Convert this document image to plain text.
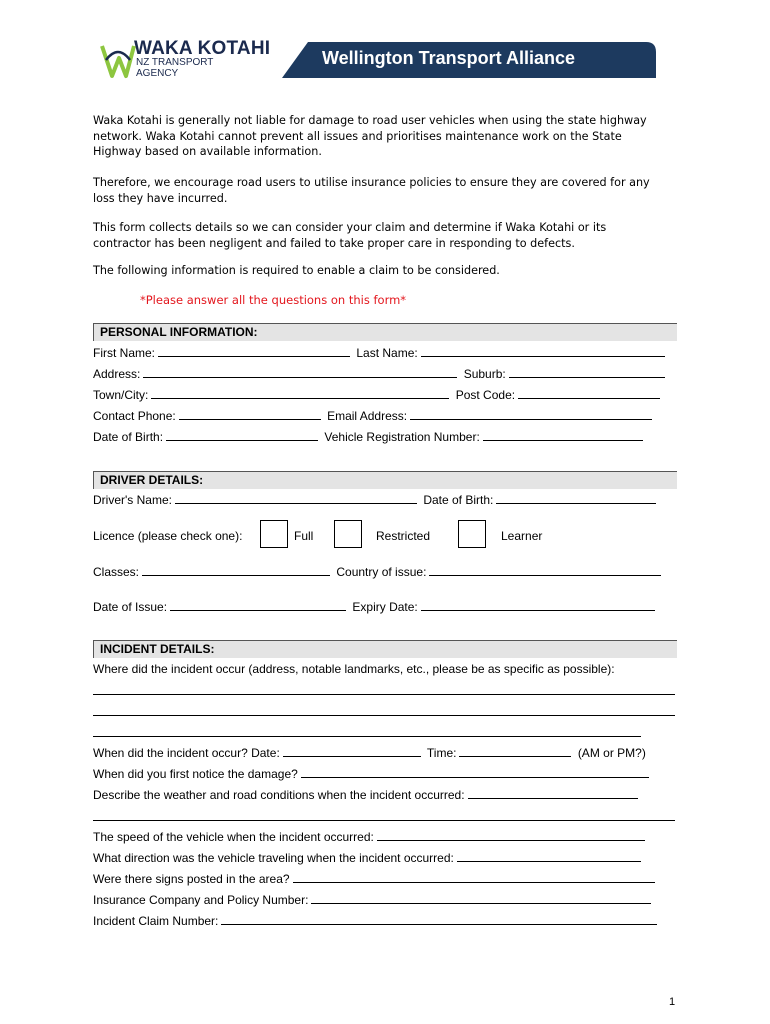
WAKA KOTAHI
NZ TRANSPORT
AGENCY
Wellington Transport Alliance
Waka Kotahi is generally not liable for damage to road user vehicles when using the state highway network. Waka Kotahi cannot prevent all issues and prioritises maintenance work on the State Highway based on available information.
Therefore, we encourage road users to utilise insurance policies to ensure they are covered for any loss they have incurred.
This form collects details so we can consider your claim and determine if Waka Kotahi or its contractor has been negligent and failed to take proper care in responding to defects.
The following information is required to enable a claim to be considered.
*Please answer all the questions on this form*
PERSONAL INFORMATION:
First Name:	Last Name:
Address:	Suburb:
Town/City:	Post Code:
Contact Phone:	Email Address:
Date of Birth:	Vehicle Registration Number:
DRIVER DETAILS:
Driver's Name:	Date of Birth:
Licence (please check one):	Full	Restricted	Learner
Classes:	Country of issue:
Date of Issue:	Expiry Date:
INCIDENT DETAILS:
Where did the incident occur (address, notable landmarks, etc., please be as specific as possible):
When did the incident occur? Date:	Time:	(AM or PM?)
When did you first notice the damage?
Describe the weather and road conditions when the incident occurred:
The speed of the vehicle when the incident occurred:
What direction was the vehicle traveling when the incident occurred:
Were there signs posted in the area?
Insurance Company and Policy Number:
Incident Claim Number:
1
